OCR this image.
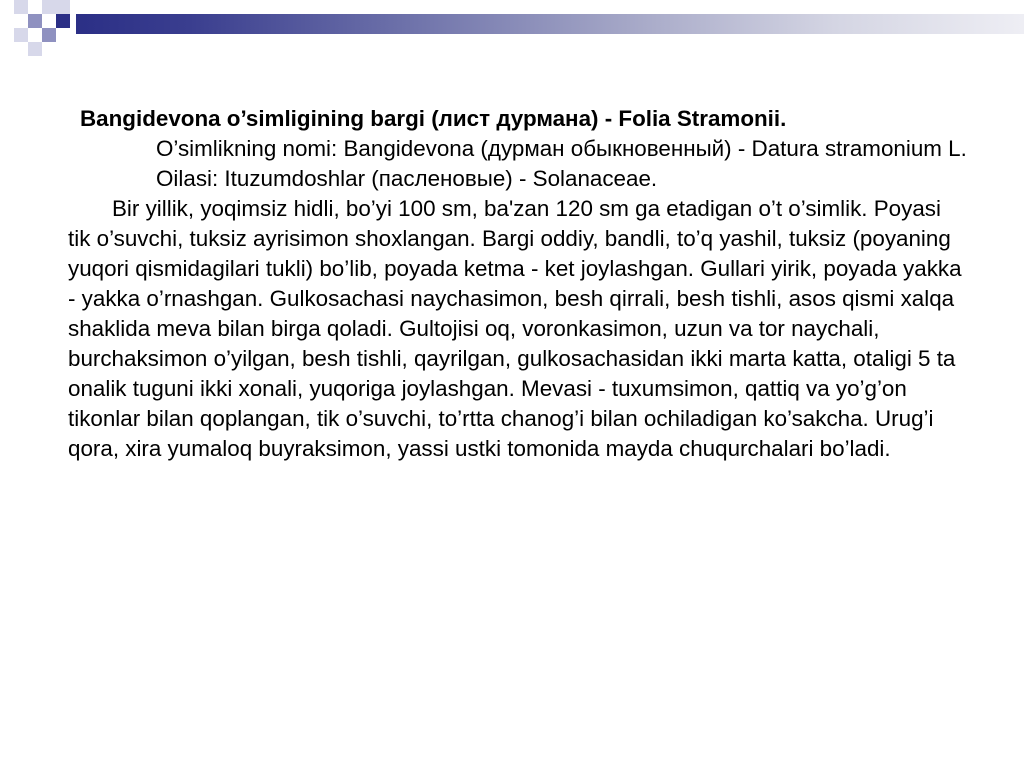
Bangidevona o’simligining bargi (лист дурмана) - Folia Stramonii.

O’simlikning nomi: Bangidevona (дурман обыкновенный) - Datura stramonium L.

Oilasi: Ituzumdoshlar (пасленовые) - Solanaceae.

Bir yillik, yoqimsiz hidli, bo’yi 100 sm, ba'zan 120 sm ga etadigan o’t o’simlik. Poyasi tik o’suvchi, tuksiz ayrisimon shoxlangan. Bargi oddiy, bandli, to’q yashil, tuksiz (poyaning yuqori qismidagilari tukli) bo’lib, poyada ketma - ket joylashgan. Gullari yirik, poyada yakka - yakka o’rnashgan. Gulkosachasi naychasimon, besh qirrali, besh tishli, asos qismi xalqa shaklida meva bilan birga qoladi. Gultojisi oq, voronkasimon, uzun va tor naychali, burchaksimon o’yilgan, besh tishli, qayrilgan, gulkosachasidan ikki marta katta, otaligi 5 ta onalik tuguni ikki xonali, yuqoriga joylashgan. Mevasi - tuxumsimon, qattiq va yo’g’on tikonlar bilan qoplangan, tik o’suvchi, to’rtta chanog’i bilan ochiladigan ko’sakcha. Urug’i qora, xira yumaloq buyraksimon, yassi ustki tomonida mayda chuqurchalari bo’ladi.
